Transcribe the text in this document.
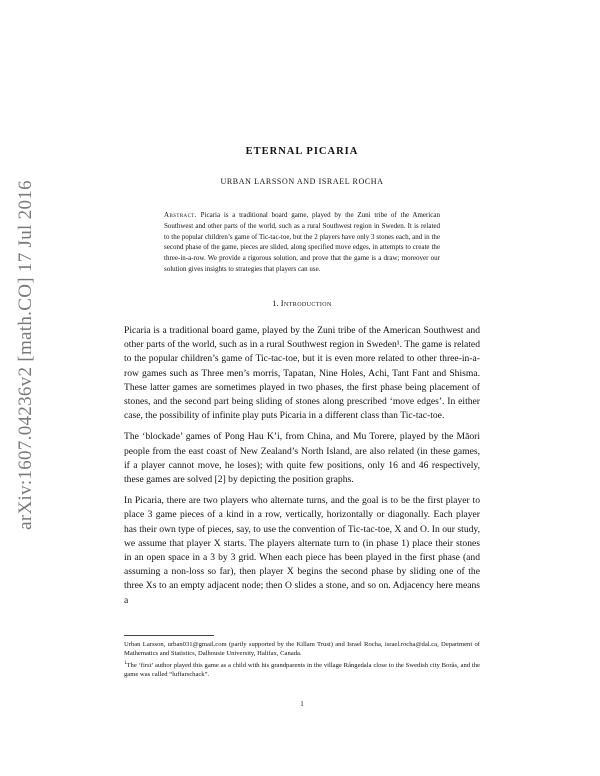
arXiv:1607.04236v2 [math.CO] 17 Jul 2016
ETERNAL PICARIA
URBAN LARSSON AND ISRAEL ROCHA
Abstract. Picaria is a traditional board game, played by the Zuni tribe of the American Southwest and other parts of the world, such as a rural Southwest region in Sweden. It is related to the popular children’s game of Tic-tac-toe, but the 2 players have only 3 stones each, and in the second phase of the game, pieces are slided, along specified move edges, in attempts to create the three-in-a-row. We provide a rigorous solution, and prove that the game is a draw; moreover our solution gives insights to strategies that players can use.
1. Introduction

Picaria is a traditional board game, played by the Zuni tribe of the American Southwest and other parts of the world, such as in a rural Southwest region in Sweden¹. The game is related to the popular children’s game of Tic-tac-toe, but it is even more related to other three-in-a-row games such as Three men’s morris, Tapatan, Nine Holes, Achi, Tant Fant and Shisma. These latter games are sometimes played in two phases, the first phase being placement of stones, and the second part being sliding of stones along prescribed ‘move edges’. In either case, the possibility of infinite play puts Picaria in a different class than Tic-tac-toe.

The ‘blockade’ games of Pong Hau K’i, from China, and Mu Torere, played by the Māori people from the east coast of New Zealand’s North Island, are also related (in these games, if a player cannot move, he loses); with quite few positions, only 16 and 46 respectively, these games are solved [2] by depicting the position graphs.

In Picaria, there are two players who alternate turns, and the goal is to be the first player to place 3 game pieces of a kind in a row, vertically, horizontally or diagonally. Each player has their own type of pieces, say, to use the convention of Tic-tac-toe, X and O. In our study, we assume that player X starts. The players alternate turn to (in phase 1) place their stones in an open space in a 3 by 3 grid. When each piece has been played in the first phase (and assuming a non-loss so far), then player X begins the second phase by sliding one of the three Xs to an empty adjacent node; then O slides a stone, and so on. Adjacency here means a

Urban Larsson, urban031@gmail.com (partly supported by the Killam Trust) and Israel Rocha, israel.rocha@dal.ca, Department of Mathematics and Statistics, Dalhousie University, Halifax, Canada.

$^1$The ‘first’ author played this game as a child with his grandparents in the village Rångedala close to the Swedish city Borås, and the game was called “luffarschack”.

1
